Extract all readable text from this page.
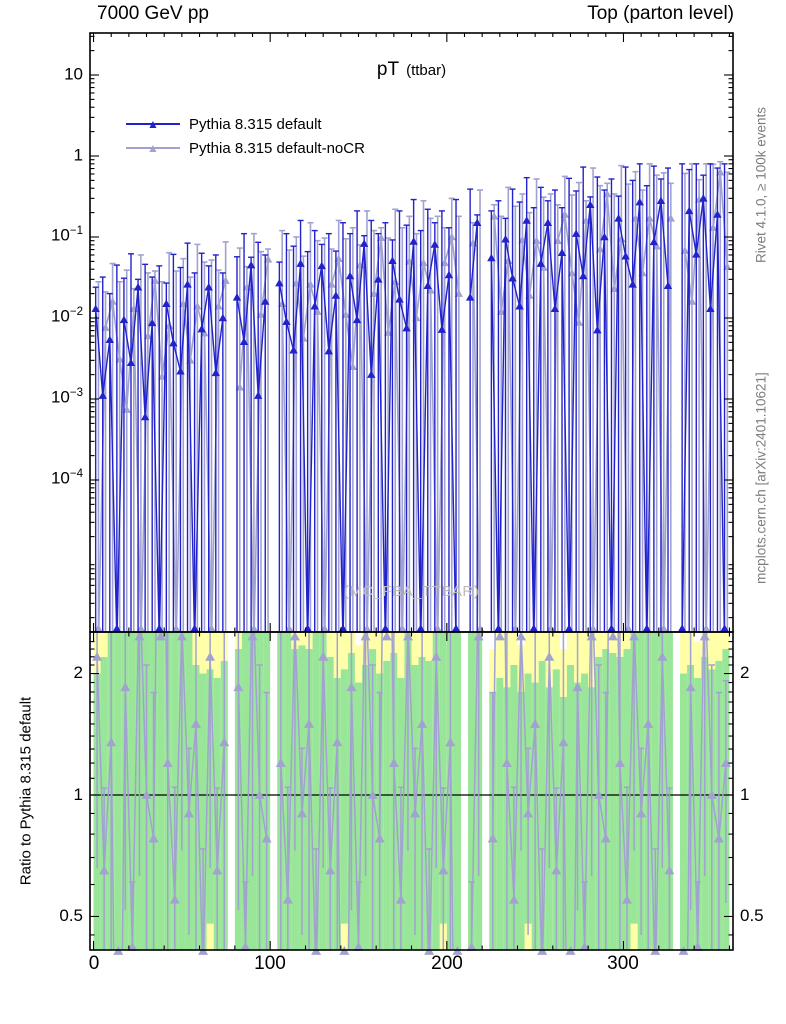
7000 GeV pp	Top (parton level)
pT (ttbar)
▲ Pythia 8.315 default
▲ Pythia 8.315 default-noCR
10
1
$10^{-1}$
$10^{-2}$
$10^{-3}$
$10^{-4}$
2
1
0.5
2
1
0.5
0	100	200	300
Ratio to Pythia 8.315 default
Rivet 4.1.0, ≥ 100k events
mcplots.cern.ch [arXiv:2401.10621]
(MC_FBA_TTBAR)
